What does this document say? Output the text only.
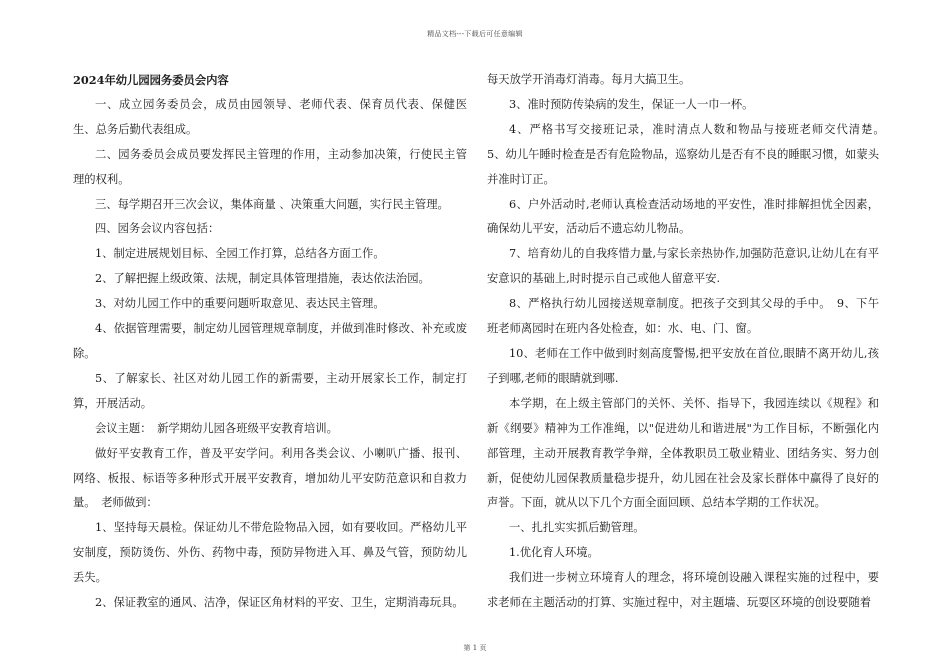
精品文档---下载后可任意编辑

2024年幼儿园园务委员会内容

一、成立园务委员会，成员由园领导、老师代表、保育员代表、保健医生、总务后勤代表组成。

二、园务委员会成员要发挥民主管理的作用，主动参加决策，行使民主管理的权利。

三、每学期召开三次会议，集体商量 、决策重大问题，实行民主管理。

四、园务会议内容包括：

1、制定进展规划目标、全园工作打算，总结各方面工作。

2、了解把握上级政策、法规，制定具体管理措施，表达依法治园。

3、对幼儿园工作中的重要问题听取意见、表达民主管理。

4、依据管理需要，制定幼儿园管理规章制度，并做到准时修改、补充或废除。

5、了解家长、社区对幼儿园工作的新需要，主动开展家长工作，制定打算，开展活动。

会议主题：　新学期幼儿园各班级平安教育培训。

做好平安教育工作，普及平安学问。利用各类会议、小喇叭广播、报刊、网络、板报、标语等多种形式开展平安教育，增加幼儿平安防范意识和自救力量。　老师做到：

1、坚持每天晨检。保证幼儿不带危险物品入园，如有要收回。严格幼儿平安制度，预防烫伤、外伤、药物中毒，预防异物进入耳、鼻及气管，预防幼儿丢失。

2、保证教室的通风、洁净，保证区角材料的平安、卫生，定期消毒玩具。

每天放学开消毒灯消毒。每月大搞卫生。

3、准时预防传染病的发生，保证一人一巾一杯。

4、严格书写交接班记录，准时清点人数和物品与接班老师交代清楚。　5、幼儿午睡时检查是否有危险物品，巡察幼儿是否有不良的睡眠习惯，如蒙头并准时订正。

6、户外活动时,老师认真检查活动场地的平安性，准时排解担忧全因素，确保幼儿平安，活动后不遗忘幼儿物品。

7、培育幼儿的自我疼惜力量,与家长亲热协作,加强防范意识,让幼儿在有平安意识的基础上,时时提示自己或他人留意平安.

8、严格执行幼儿园接送规章制度。把孩子交到其父母的手中。　9、下午班老师离园时在班内各处检查，如：水、电、门、窗。

10、老师在工作中做到时刻高度警惕,把平安放在首位,眼睛不离开幼儿,孩子到哪,老师的眼睛就到哪.

本学期，在上级主管部门的关怀、关怀、指导下，我园连续以《规程》和新《纲要》精神为工作准绳，以"促进幼儿和谐进展"为工作目标，不断强化内部管理，主动开展教育教学争辩，全体教职员工敬业精业、团结务实、努力创新，促使幼儿园保教质量稳步提升，幼儿园在社会及家长群体中赢得了良好的声誉。下面，就从以下几个方面全面回顾、总结本学期的工作状况。

一、扎扎实实抓后勤管理。

1.优化育人环境。

我们进一步树立环境育人的理念，将环境创设融入课程实施的过程中，要求老师在主题活动的打算、实施过程中，对主题墙、玩耍区环境的创设要随着

第 1 页
